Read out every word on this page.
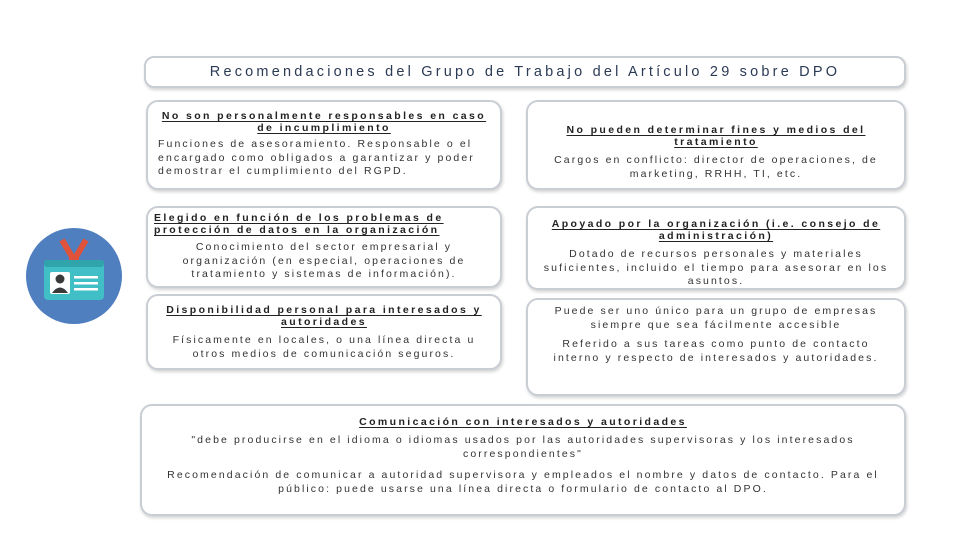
Recomendaciones del Grupo de Trabajo del Artículo 29 sobre DPO
No son personalmente responsables en caso de incumplimiento
Funciones de asesoramiento. Responsable o el encargado como obligados a garantizar y poder demostrar el cumplimiento del RGPD.
No pueden determinar fines y medios del tratamiento
Cargos en conflicto: director de operaciones, de marketing, RRHH, TI, etc.
Elegido en función de los problemas de protección de datos en la organización
Conocimiento del sector empresarial y organización (en especial, operaciones de tratamiento y sistemas de información).
Apoyado por la organización (i.e. consejo de administración)
Dotado de recursos personales y materiales suficientes, incluido el tiempo para asesorar en los asuntos.
Disponibilidad personal para interesados y autoridades
Físicamente en locales, o una línea directa u otros medios de comunicación seguros.
Puede ser uno único para un grupo de empresas siempre que sea fácilmente accesible
Referido a sus tareas como punto de contacto interno y respecto de interesados y autoridades.
Comunicación con interesados y autoridades
"debe producirse en el idioma o idiomas usados por las autoridades supervisoras y los interesados correspondientes"
Recomendación de comunicar a autoridad supervisora y empleados el nombre y datos de contacto. Para el público: puede usarse una línea directa o formulario de contacto al DPO.
